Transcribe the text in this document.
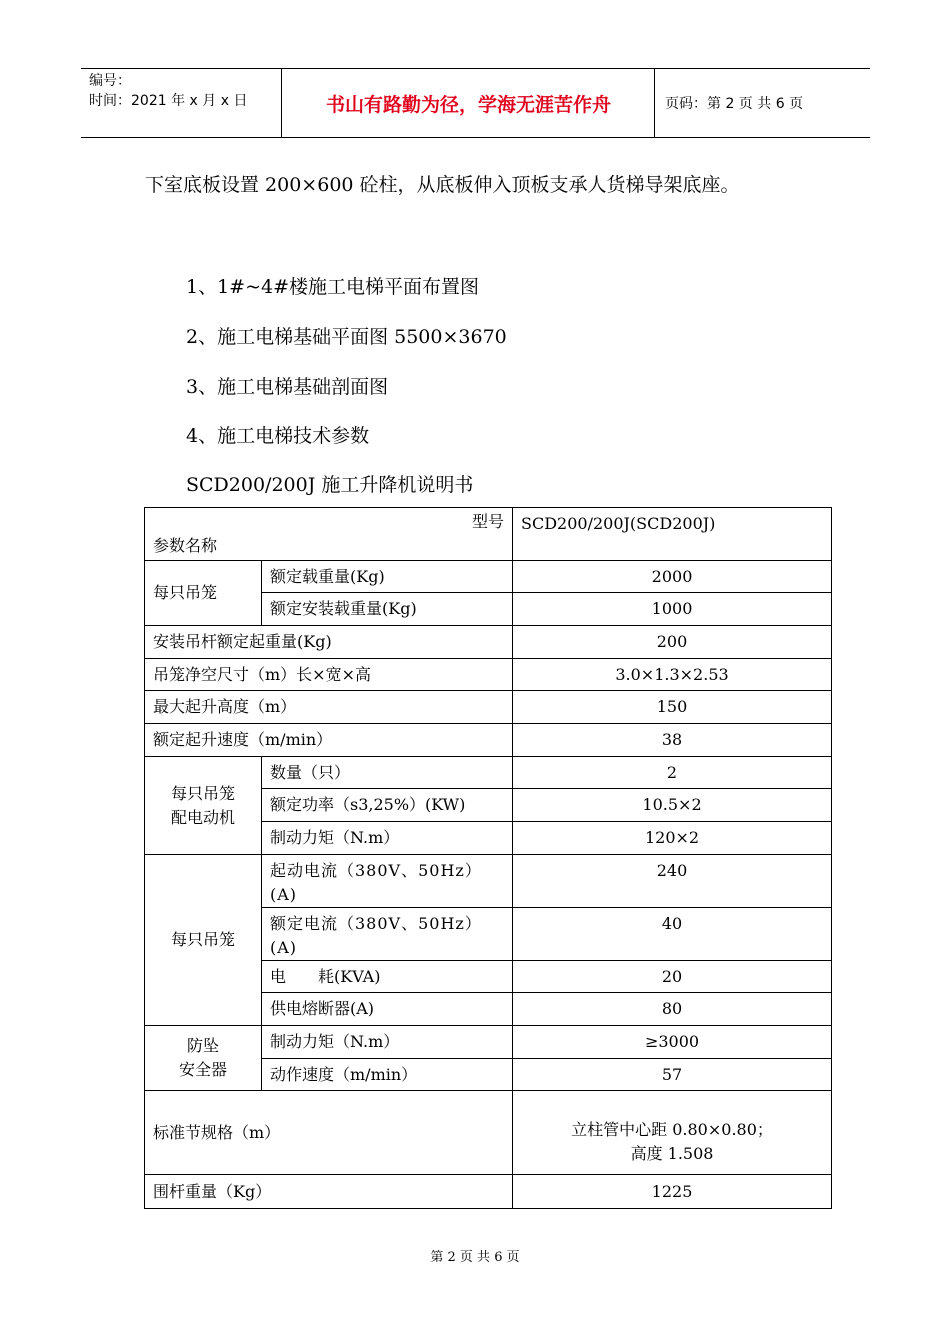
编号：
时间：2021 年 x 月 x 日	书山有路勤为径，学海无涯苦作舟	页码：第 2 页 共 6 页
下室底板设置 200×600 砼柱，从底板伸入顶板支承人货梯导架底座。
1、1#~4#楼施工电梯平面布置图
2、施工电梯基础平面图 5500×3670
3、施工电梯基础剖面图
4、施工电梯技术参数
SCD200/200J 施工升降机说明书
型号
参数名称		SCD200/200J(SCD200J)
每只吊笼	额定载重量(Kg)	2000
	额定安装载重量(Kg)	1000
安装吊杆额定起重量(Kg)		200
吊笼净空尺寸（m）长×宽×高		3.0×1.3×2.53
最大起升高度（m）		150
额定起升速度（m/min）		38
每只吊笼
配电动机	数量（只）	2
	额定功率（s3,25%）(KW)	10.5×2
	制动力矩（N.m）	120×2
每只吊笼	起动电流（380V、50Hz）(A)	240
	额定电流（380V、50Hz）(A)	40
	电　　耗(KVA)	20
	供电熔断器(A)	80
防坠
安全器	制动力矩（N.m）	≥3000
	动作速度（m/min）	57
标准节规格（m）		立柱管中心距 0.80×0.80；
高度 1.508
围杆重量（Kg）		1225
第 2 页 共 6 页
